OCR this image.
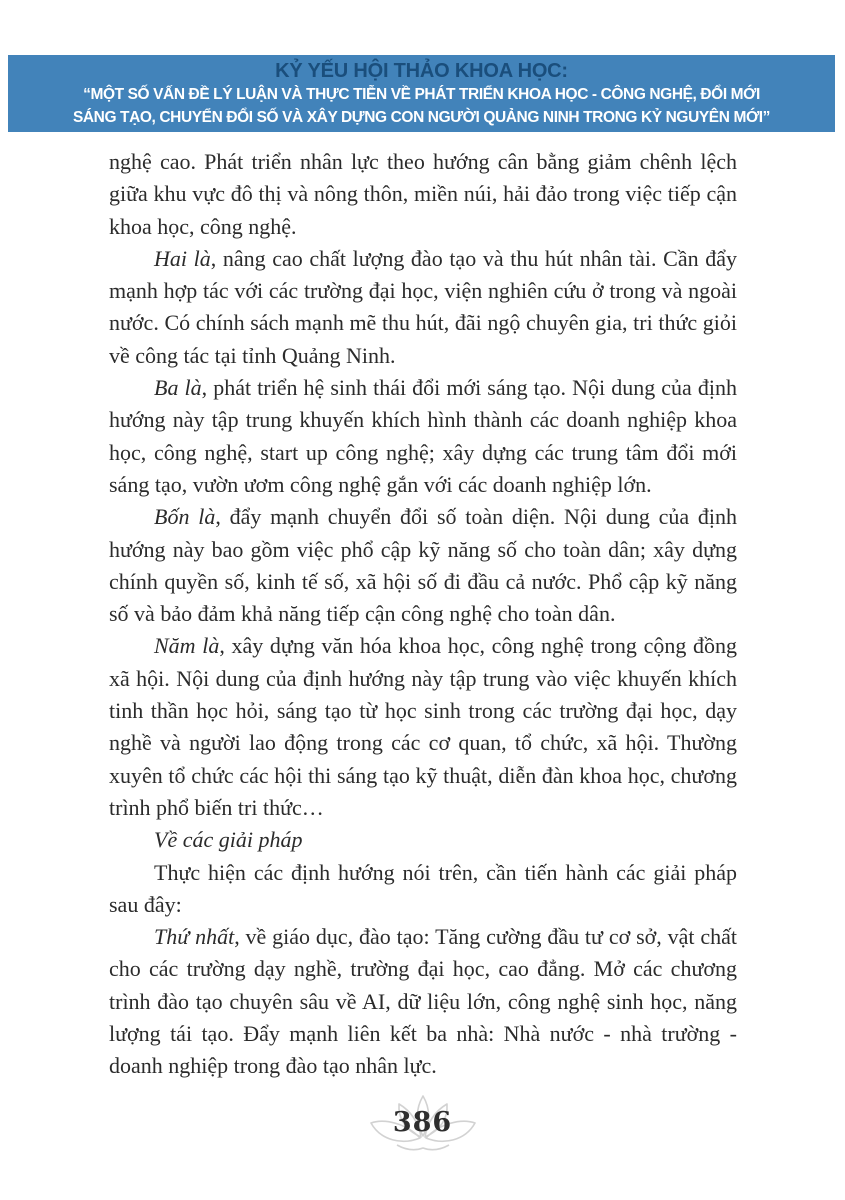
KỶ YẾU HỘI THẢO KHOA HỌC:
“MỘT SỐ VẤN ĐỀ LÝ LUẬN VÀ THỰC TIỄN VỀ PHÁT TRIỂN KHOA HỌC - CÔNG NGHỆ, ĐỔI MỚI
SÁNG TẠO, CHUYỂN ĐỔI SỐ VÀ XÂY DỰNG CON NGƯỜI QUẢNG NINH TRONG KỶ NGUYÊN MỚI”

nghệ cao. Phát triển nhân lực theo hướng cân bằng giảm chênh lệch giữa khu vực đô thị và nông thôn, miền núi, hải đảo trong việc tiếp cận khoa học, công nghệ.

Hai là, nâng cao chất lượng đào tạo và thu hút nhân tài. Cần đẩy mạnh hợp tác với các trường đại học, viện nghiên cứu ở trong và ngoài nước. Có chính sách mạnh mẽ thu hút, đãi ngộ chuyên gia, tri thức giỏi về công tác tại tỉnh Quảng Ninh.

Ba là, phát triển hệ sinh thái đổi mới sáng tạo. Nội dung của định hướng này tập trung khuyến khích hình thành các doanh nghiệp khoa học, công nghệ, start up công nghệ; xây dựng các trung tâm đổi mới sáng tạo, vườn ươm công nghệ gắn với các doanh nghiệp lớn.

Bốn là, đẩy mạnh chuyển đổi số toàn diện. Nội dung của định hướng này bao gồm việc phổ cập kỹ năng số cho toàn dân; xây dựng chính quyền số, kinh tế số, xã hội số đi đầu cả nước. Phổ cập kỹ năng số và bảo đảm khả năng tiếp cận công nghệ cho toàn dân.

Năm là, xây dựng văn hóa khoa học, công nghệ trong cộng đồng xã hội. Nội dung của định hướng này tập trung vào việc khuyến khích tinh thần học hỏi, sáng tạo từ học sinh trong các trường đại học, dạy nghề và người lao động trong các cơ quan, tổ chức, xã hội. Thường xuyên tổ chức các hội thi sáng tạo kỹ thuật, diễn đàn khoa học, chương trình phổ biến tri thức…

Về các giải pháp

Thực hiện các định hướng nói trên, cần tiến hành các giải pháp sau đây:

Thứ nhất, về giáo dục, đào tạo: Tăng cường đầu tư cơ sở, vật chất cho các trường dạy nghề, trường đại học, cao đẳng. Mở các chương trình đào tạo chuyên sâu về AI, dữ liệu lớn, công nghệ sinh học, năng lượng tái tạo. Đẩy mạnh liên kết ba nhà: Nhà nước - nhà trường - doanh nghiệp trong đào tạo nhân lực.

386
